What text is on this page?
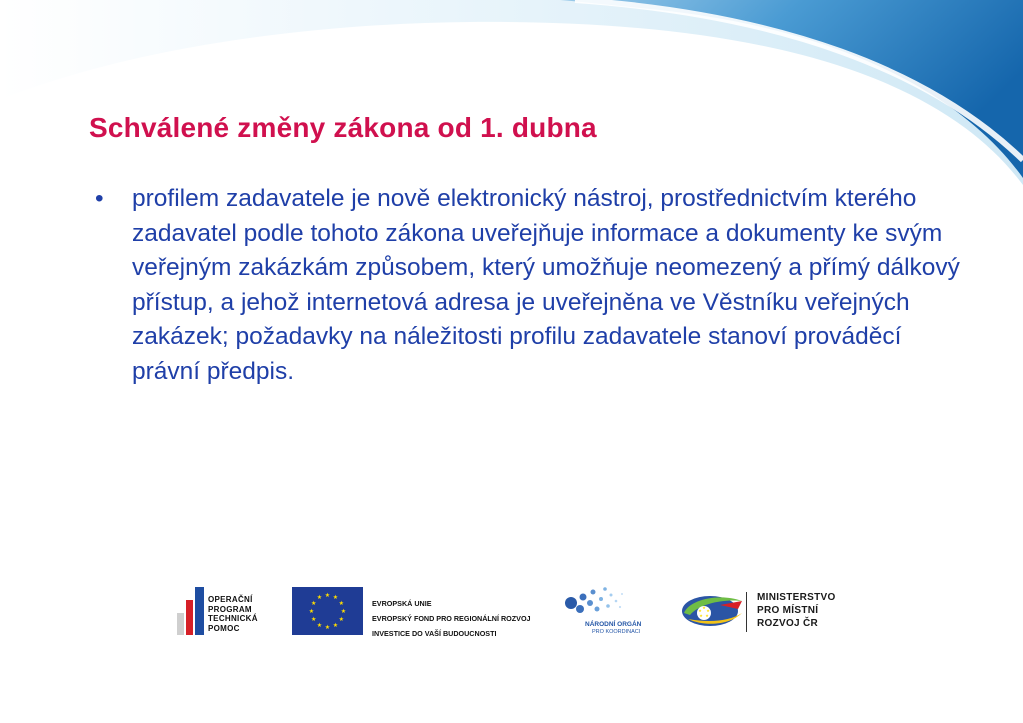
Schválené změny zákona od 1. dubna
• profilem zadavatele je nově elektronický nástroj, prostřednictvím kterého zadavatel podle tohoto zákona uveřejňuje informace a dokumenty ke svým veřejným zakázkám způsobem, který umožňuje neomezený a přímý dálkový přístup, a jehož internetová adresa je uveřejněna ve Věstníku veřejných zakázek; požadavky na náležitosti profilu zadavatele stanoví prováděcí právní předpis.
OPERAČNÍ
PROGRAM
TECHNICKÁ
POMOC
★ ★
★
★
★
★
★
★
★
★
★
★
EVROPSKÁ UNIE
EVROPSKÝ FOND PRO REGIONÁLNÍ ROZVOJ
INVESTICE DO VAŠÍ BUDOUCNOSTI
NÁRODNÍ ORGÁN
PRO KOORDINACI
★
★
★
★
★
MINISTERSTVO
PRO MÍSTNÍ
ROZVOJ ČR
